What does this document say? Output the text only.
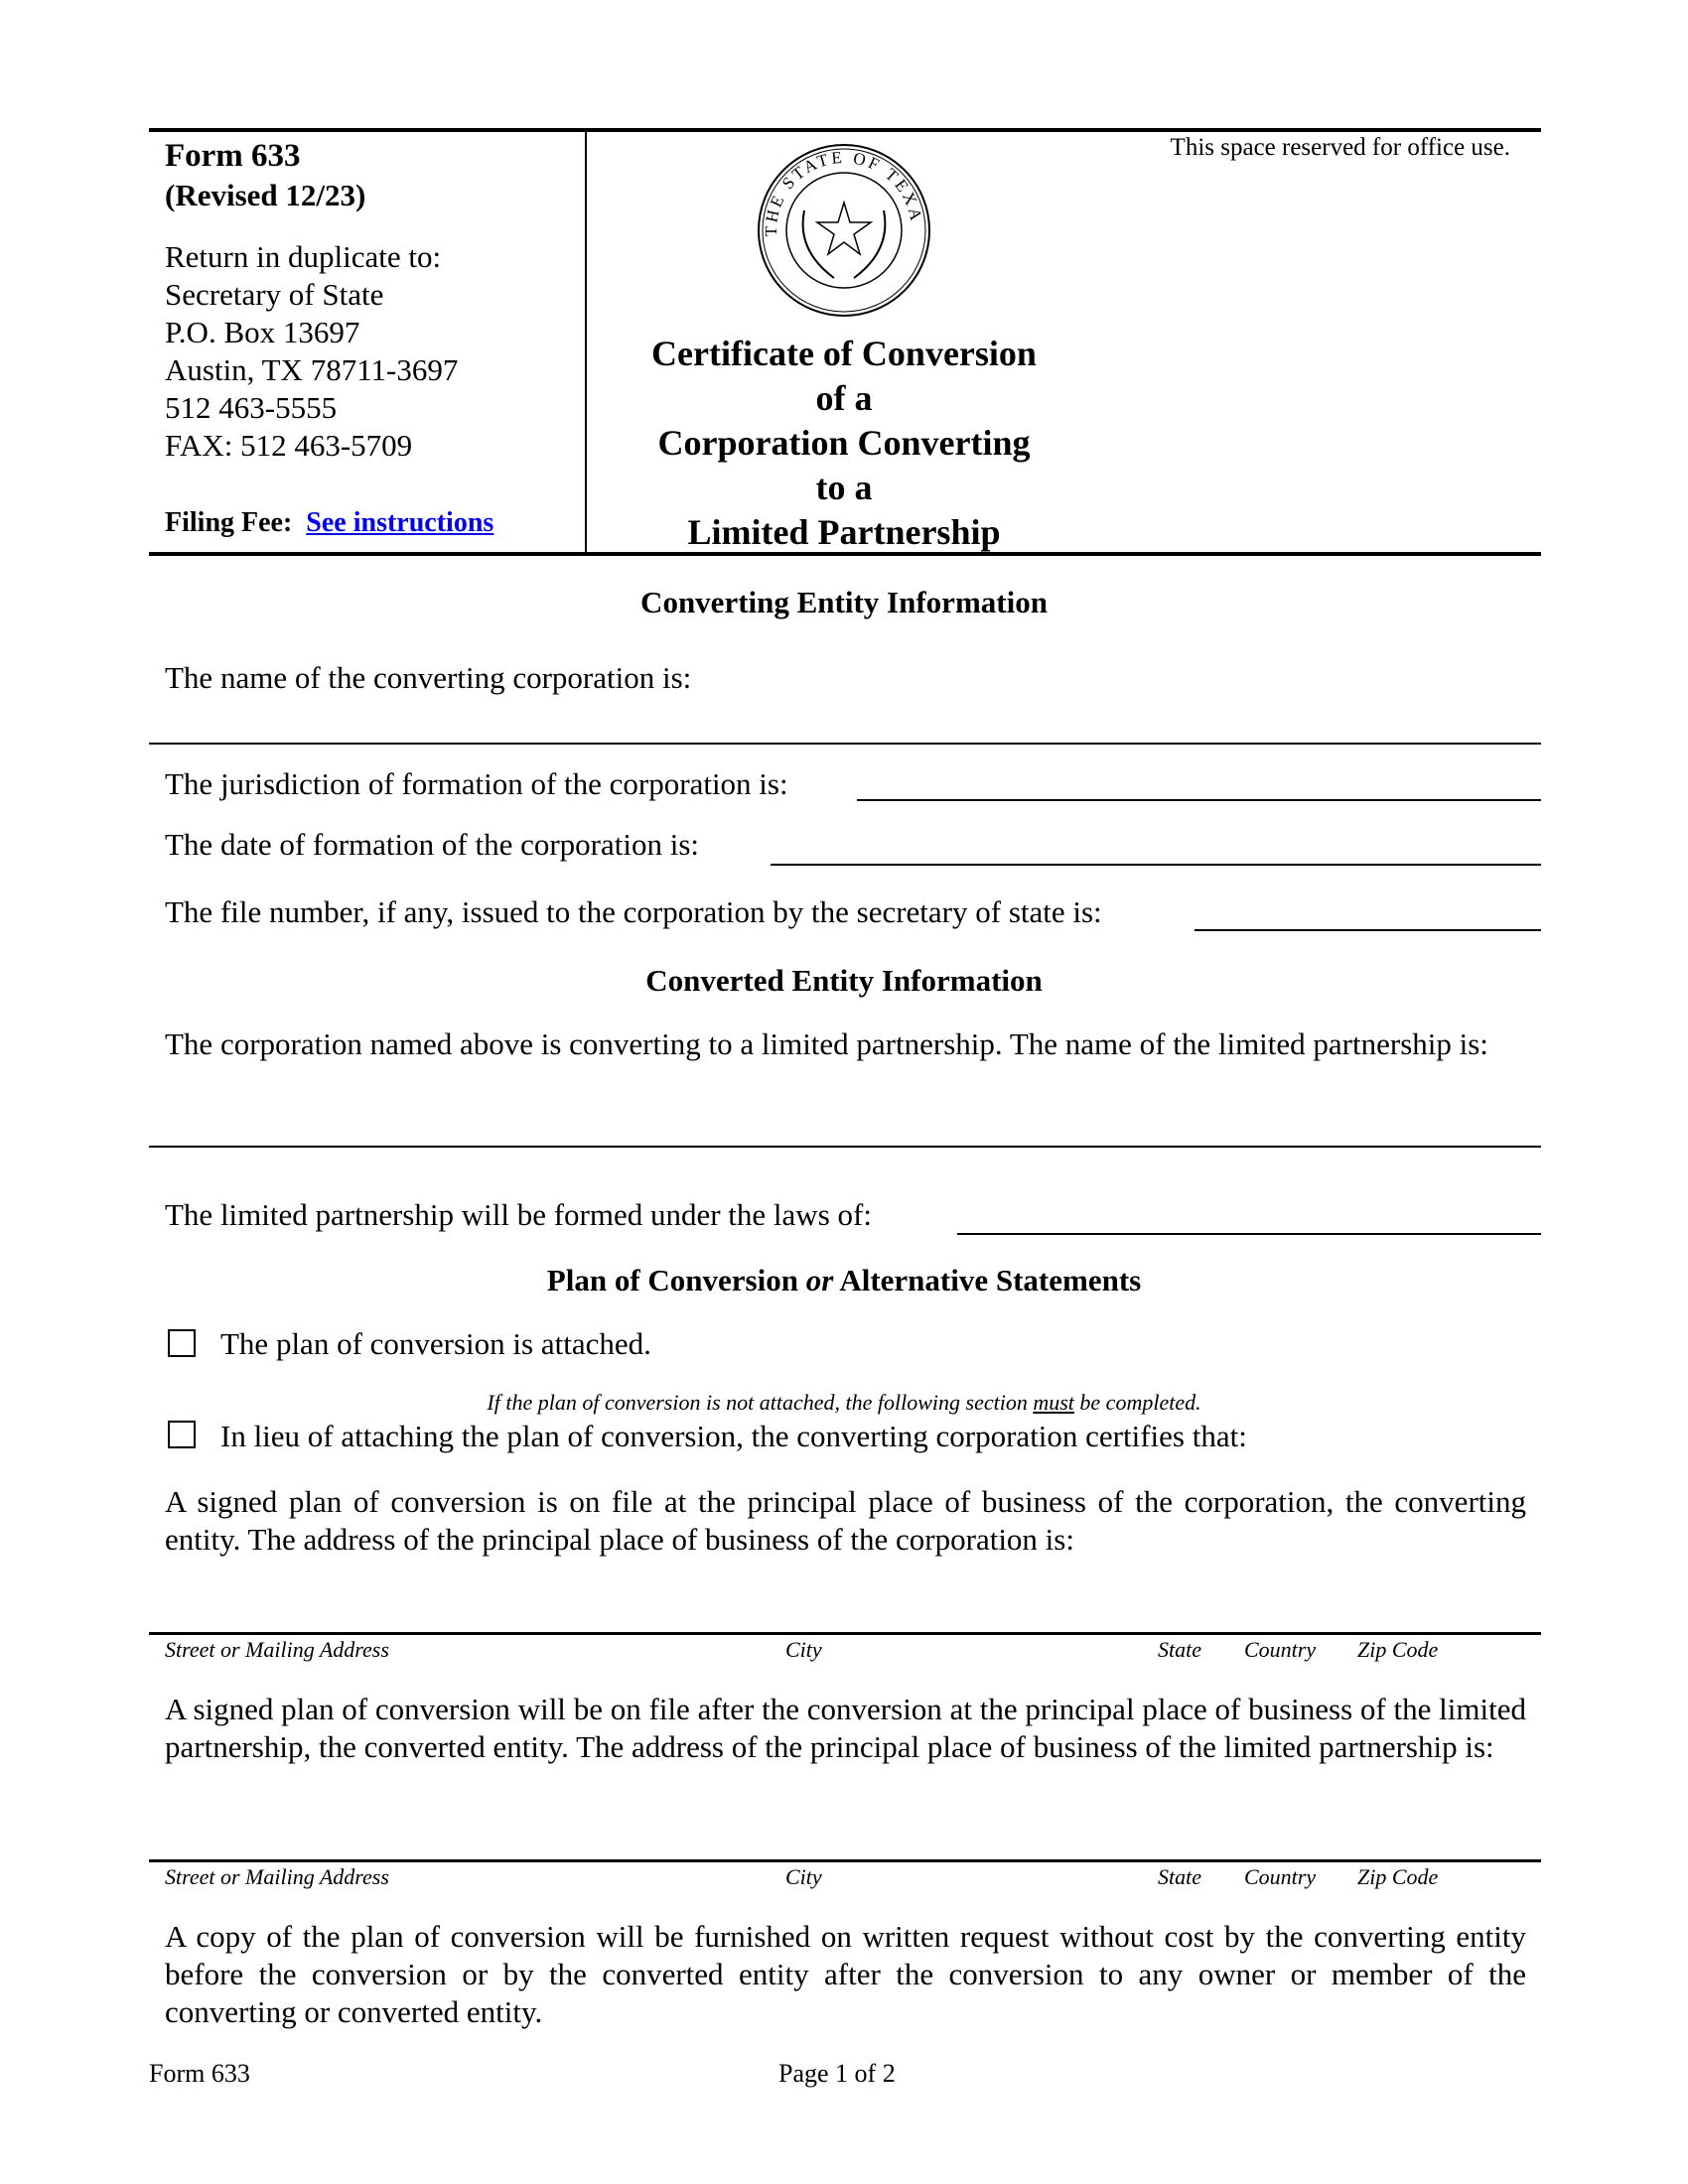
Form 633
(Revised 12/23)
Return in duplicate to:
Secretary of State
P.O. Box 13697
Austin, TX 78711-3697
512 463-5555
FAX: 512 463-5709
Filing Fee: See instructions
This space reserved for office use.
THE STATE OF TEXA
Certificate of Conversion
of a
Corporation Converting
to a
Limited Partnership
Converting Entity Information
The name of the converting corporation is:
The jurisdiction of formation of the corporation is:
The date of formation of the corporation is:
The file number, if any, issued to the corporation by the secretary of state is:
Converted Entity Information
The corporation named above is converting to a limited partnership. The name of the limited partnership is:
The limited partnership will be formed under the laws of:
Plan of Conversion or Alternative Statements
The plan of conversion is attached.
If the plan of conversion is not attached, the following section must be completed.
In lieu of attaching the plan of conversion, the converting corporation certifies that:
A signed plan of conversion is on file at the principal place of business of the corporation, the converting entity. The address of the principal place of business of the corporation is:
Street or Mailing Address	City	State Country Zip Code
A signed plan of conversion will be on file after the conversion at the principal place of business of the limited partnership, the converted entity. The address of the principal place of business of the limited partnership is:
Street or Mailing Address	City	State Country Zip Code
A copy of the plan of conversion will be furnished on written request without cost by the converting entity before the conversion or by the converted entity after the conversion to any owner or member of the converting or converted entity.
Form 633	Page 1 of 2
